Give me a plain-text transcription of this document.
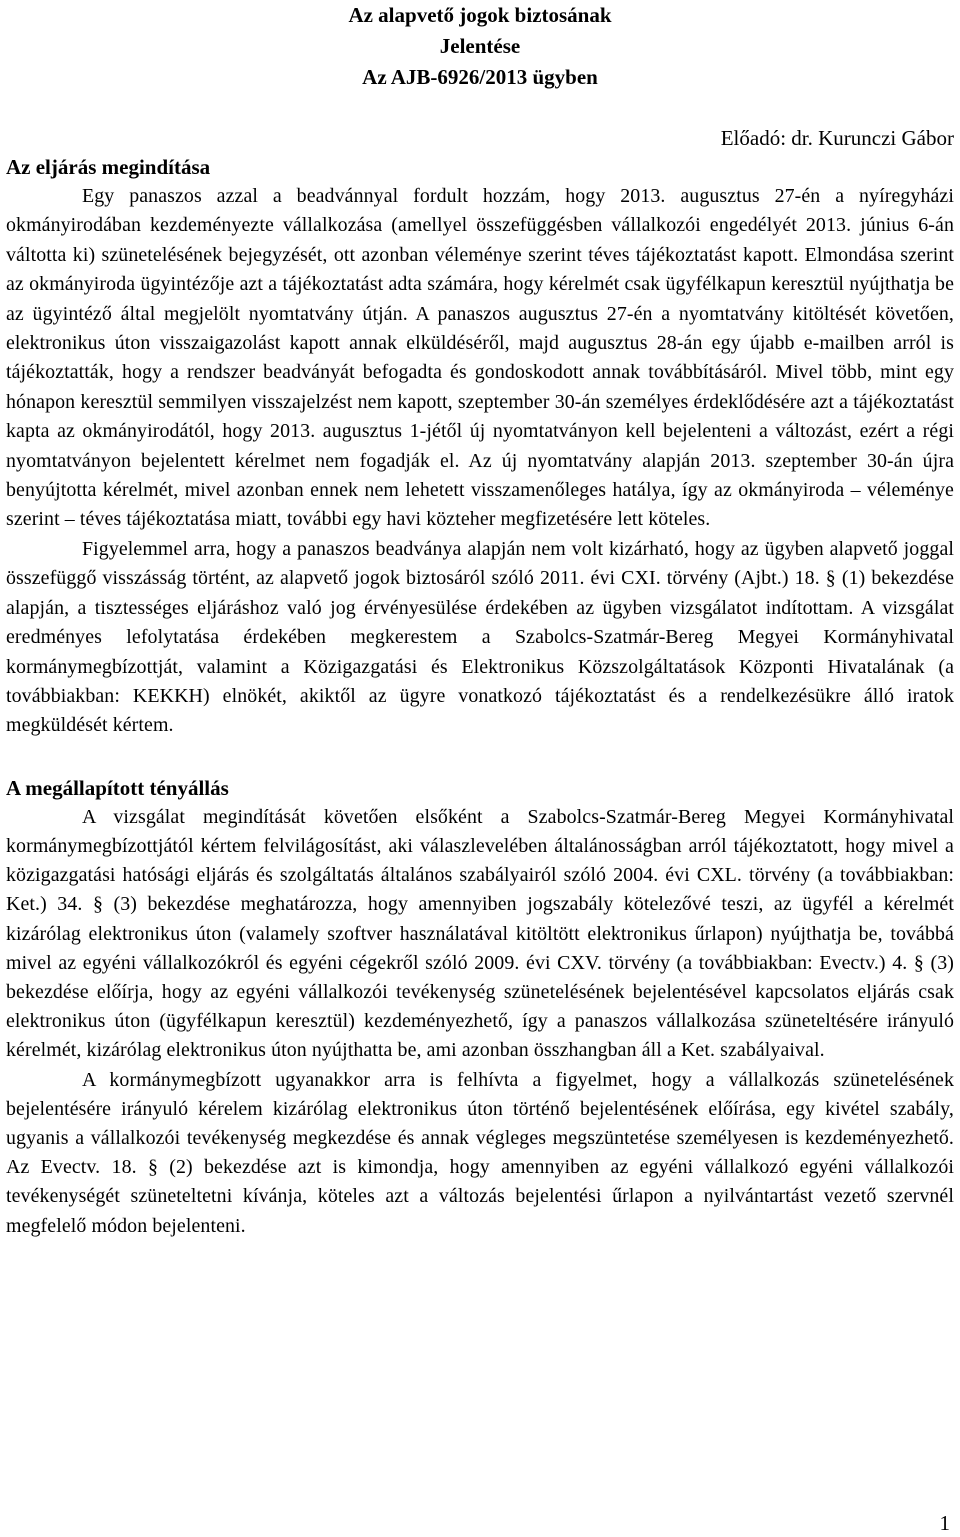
Az alapvető jogok biztosának
Jelentése
Az AJB-6926/2013 ügyben
Előadó: dr. Kurunczi Gábor
Az eljárás megindítása

Egy panaszos azzal a beadvánnyal fordult hozzám, hogy 2013. augusztus 27-én a nyíregyházi okmányirodában kezdeményezte vállalkozása (amellyel összefüggésben vállalkozói engedélyét 2013. június 6-án váltotta ki) szünetelésének bejegyzését, ott azonban véleménye szerint téves tájékoztatást kapott. Elmondása szerint az okmányiroda ügyintézője azt a tájékoztatást adta számára, hogy kérelmét csak ügyfélkapun keresztül nyújthatja be az ügyintéző által megjelölt nyomtatvány útján. A panaszos augusztus 27-én a nyomtatvány kitöltését követően, elektronikus úton visszaigazolást kapott annak elküldéséről, majd augusztus 28-án egy újabb e-mailben arról is tájékoztatták, hogy a rendszer beadványát befogadta és gondoskodott annak továbbításáról. Mivel több, mint egy hónapon keresztül semmilyen visszajelzést nem kapott, szeptember 30-án személyes érdeklődésére azt a tájékoztatást kapta az okmányirodától, hogy 2013. augusztus 1-jétől új nyomtatványon kell bejelenteni a változást, ezért a régi nyomtatványon bejelentett kérelmet nem fogadják el. Az új nyomtatvány alapján 2013. szeptember 30-án újra benyújtotta kérelmét, mivel azonban ennek nem lehetett visszamenőleges hatálya, így az okmányiroda – véleménye szerint – téves tájékoztatása miatt, további egy havi közteher megfizetésére lett köteles.

Figyelemmel arra, hogy a panaszos beadványa alapján nem volt kizárható, hogy az ügyben alapvető joggal összefüggő visszásság történt, az alapvető jogok biztosáról szóló 2011. évi CXI. törvény (Ajbt.) 18. § (1) bekezdése alapján, a tisztességes eljáráshoz való jog érvényesülése érdekében az ügyben vizsgálatot indítottam. A vizsgálat eredményes lefolytatása érdekében megkerestem a Szabolcs-Szatmár-Bereg Megyei Kormányhivatal kormánymegbízottját, valamint a Közigazgatási és Elektronikus Közszolgáltatások Központi Hivatalának (a továbbiakban: KEKKH) elnökét, akiktől az ügyre vonatkozó tájékoztatást és a rendelkezésükre álló iratok megküldését kértem.

A megállapított tényállás

A vizsgálat megindítását követően elsőként a Szabolcs-Szatmár-Bereg Megyei Kormányhivatal kormánymegbízottjától kértem felvilágosítást, aki válaszlevelében általánosságban arról tájékoztatott, hogy mivel a közigazgatási hatósági eljárás és szolgáltatás általános szabályairól szóló 2004. évi CXL. törvény (a továbbiakban: Ket.) 34. § (3) bekezdése meghatározza, hogy amennyiben jogszabály kötelezővé teszi, az ügyfél a kérelmét kizárólag elektronikus úton (valamely szoftver használatával kitöltött elektronikus űrlapon) nyújthatja be, továbbá mivel az egyéni vállalkozókról és egyéni cégekről szóló 2009. évi CXV. törvény (a továbbiakban: Evectv.) 4. § (3) bekezdése előírja, hogy az egyéni vállalkozói tevékenység szünetelésének bejelentésével kapcsolatos eljárás csak elektronikus úton (ügyfélkapun keresztül) kezdeményezhető, így a panaszos vállalkozása szüneteltésére irányuló kérelmét, kizárólag elektronikus úton nyújthatta be, ami azonban összhangban áll a Ket. szabályaival.

A kormánymegbízott ugyanakkor arra is felhívta a figyelmet, hogy a vállalkozás szünetelésének bejelentésére irányuló kérelem kizárólag elektronikus úton történő bejelentésének előírása, egy kivétel szabály, ugyanis a vállalkozói tevékenység megkezdése és annak végleges megszüntetése személyesen is kezdeményezhető. Az Evectv. 18. § (2) bekezdése azt is kimondja, hogy amennyiben az egyéni vállalkozó egyéni vállalkozói tevékenységét szüneteltetni kívánja, köteles azt a változás bejelentési űrlapon a nyilvántartást vezető szervnél megfelelő módon bejelenteni.

1
